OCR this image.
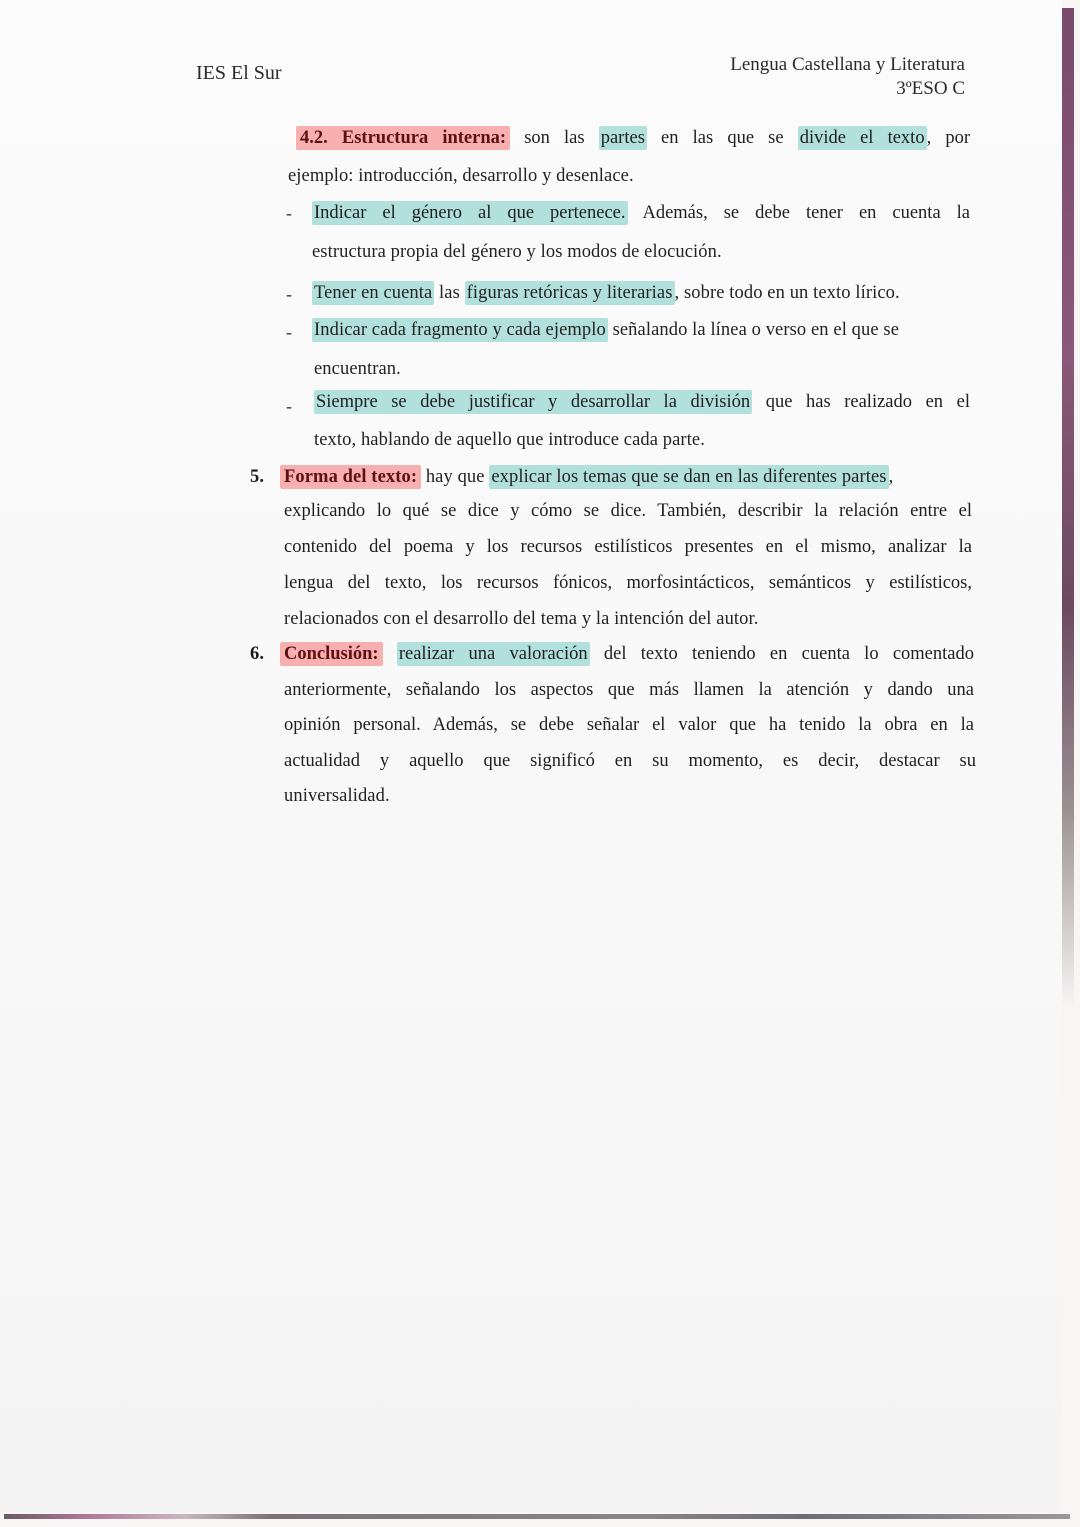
IES El Sur	Lengua Castellana y Literatura
3ºESO C
4.2. Estructura interna: son las partes en las que se divide el texto , por
ejemplo: introducción, desarrollo y desenlace.
- Indicar el género al que pertenece. Además, se debe tener en cuenta la
estructura propia del género y los modos de elocución.
- Tener en cuenta las figuras retóricas y literarias , sobre todo en un texto lírico.
- Indicar cada fragmento y cada ejemplo señalando la línea o verso en el que se
encuentran.
- Siempre se debe justificar y desarrollar la división que has realizado en el
texto, hablando de aquello que introduce cada parte.
5. Forma del texto: hay que explicar los temas que se dan en las diferentes partes ,
explicando lo qué se dice y cómo se dice. También, describir la relación entre el
contenido del poema y los recursos estilísticos presentes en el mismo, analizar la
lengua del texto, los recursos fónicos, morfosintácticos, semánticos y estilísticos,
relacionados con el desarrollo del tema y la intención del autor.
6. Conclusión: realizar una valoración del texto teniendo en cuenta lo comentado
anteriormente, señalando los aspectos que más llamen la atención y dando una
opinión personal. Además, se debe señalar el valor que ha tenido la obra en la
actualidad y aquello que significó en su momento, es decir, destacar su
universalidad.
